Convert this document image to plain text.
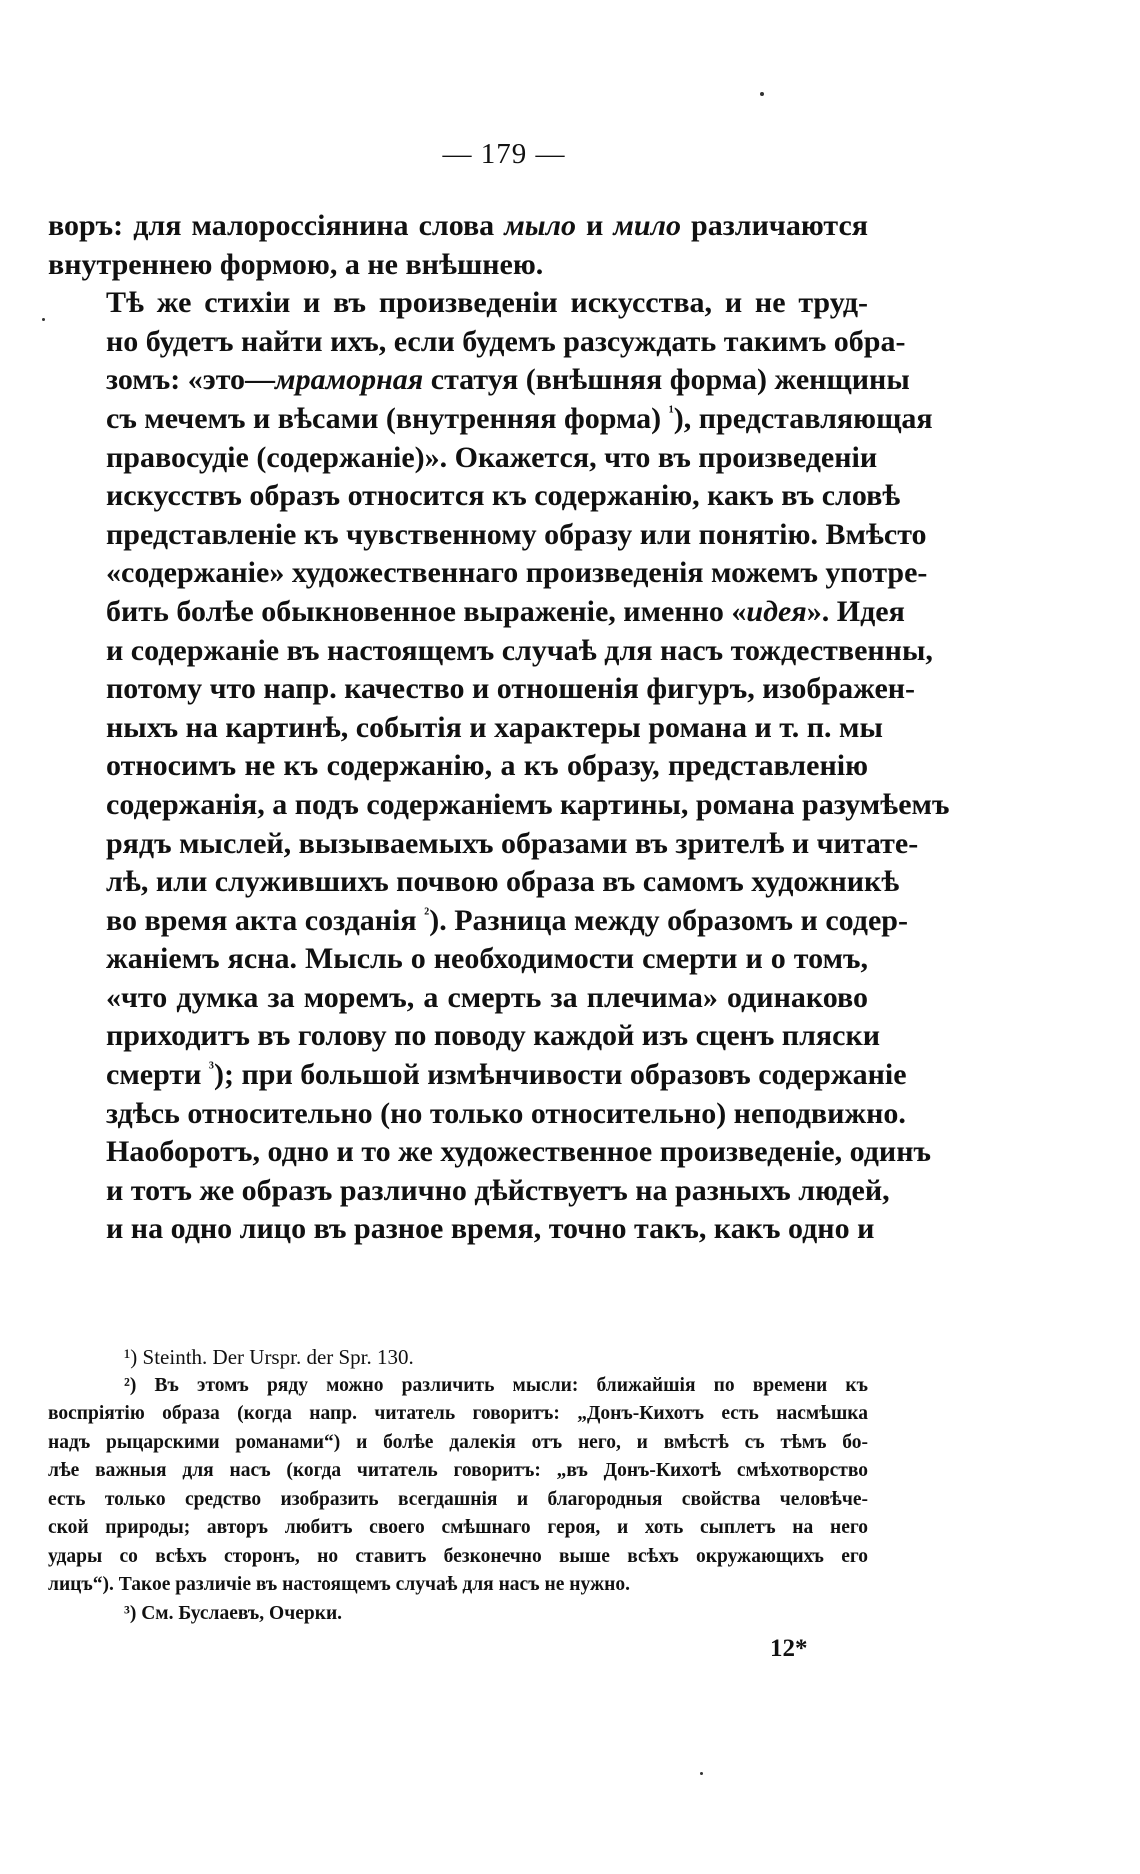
— 179 —

воръ: для малороссіянина слова мыло и мило различаются
внутреннею формою, а не внѣшнею.

Тѣ же стихіи и въ произведеніи искусства, и не труд-
но будетъ найти ихъ, если будемъ разсуждать такимъ обра-
зомъ: «это—мраморная статуя (внѣшняя форма) женщины
съ мечемъ и вѣсами (внутренняя форма) $^{^1}$), представляющая
правосудіе (содержаніе)». Окажется, что въ произведеніи
искусствъ образъ относится къ содержанію, какъ въ словѣ
представленіе къ чувственному образу или понятію. Вмѣсто
«содержаніе» художественнаго произведенія можемъ употре-
бить болѣе обыкновенное выраженіе, именно «идея». Идея
и содержаніе въ настоящемъ случаѣ для насъ тождественны,
потому что напр. качество и отношенія фигуръ, изображен-
ныхъ на картинѣ, событія и характеры романа и т. п. мы
относимъ не къ содержанію, а къ образу, представленію
содержанія, а подъ содержаніемъ картины, романа разумѣемъ
рядъ мыслей, вызываемыхъ образами въ зрителѣ и читате-
лѣ, или служившихъ почвою образа въ самомъ художникѣ
во время акта созданія $^{^2}$). Разница между образомъ и содер-
жаніемъ ясна. Мысль о необходимости смерти и о томъ,
«что думка за моремъ, а смерть за плечима» одинаково
приходитъ въ голову по поводу каждой изъ сценъ пляски
смерти $^{^3}$); при большой измѣнчивости образовъ содержаніе
здѣсь относительно (но только относительно) неподвижно.
Наоборотъ, одно и то же художественное произведеніе, одинъ
и тотъ же образъ различно дѣйствуетъ на разныхъ людей,
и на одно лицо въ разное время, точно такъ, какъ одно и

¹) Steinth. Der Urspr. der Spr. 130.
²) Въ этомъ ряду можно различить мысли: ближайшія по времени къ
воспріятію образа (когда напр. читатель говоритъ: „Донъ-Кихотъ есть насмѣшка
надъ рыцарскими романами“) и болѣе далекія отъ него, и вмѣстѣ съ тѣмъ бо-
лѣе важныя для насъ (когда читатель говоритъ: „въ Донъ-Кихотѣ смѣхотворство
есть только средство изобразить всегдашнія и благородныя свойства человѣче-
ской природы; авторъ любитъ своего смѣшнаго героя, и хоть сыплетъ на него
удары со всѣхъ сторонъ, но ставитъ безконечно выше всѣхъ окружающихъ его
лицъ“). Такое различіе въ настоящемъ случаѣ для насъ не нужно.
³) См. Буслаевъ, Очерки.
12*
